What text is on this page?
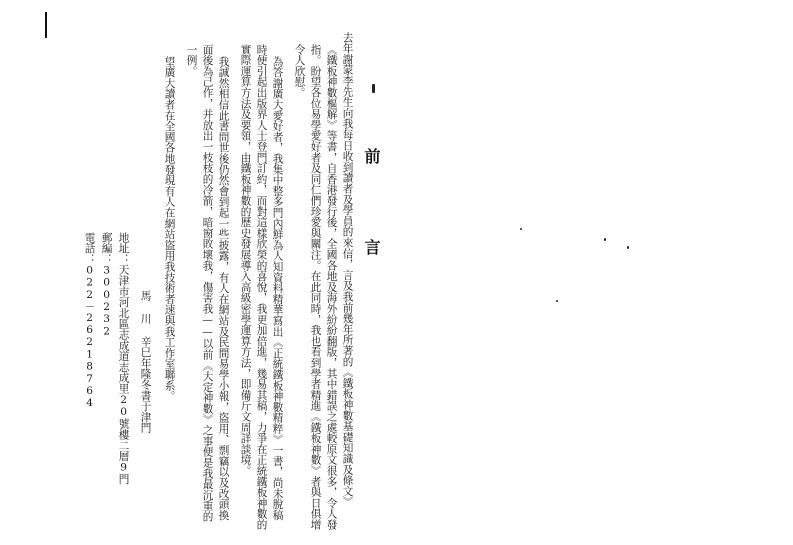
前 言
去年謝蒙李先生向我每日收到讀者及學員的來信，言及我前幾年所著的《鐵板神數基礎知識及條文》
《鐵板神數樞解》等書，自香港發行後，全國各地及海外紛紛翻版，其中錯誤之處較原文很多，令人發
指。盼望各位易學愛好者及同仁們珍愛與關注。在此同時，我也看到學者精進《鐵板神數》者與日俱增
令人欣慰。
為答謝廣大愛好者，我集中整多門內鮮為人知資料精華寫出《正統鐵板神數精粹》一書，尚未脫稿
時便引起出版界人士登門訂約，而對這樣欣榮的喜悅，我更加倍進，幾易其稿，力爭在正統鐵板神數的
實際運算方法及要領，由鐵板神數的歷史發展導入高級密學運算方法，即備斤文周詳談境。
我誠然相信此書問世後仍然會到起一些披露，有人在網站及民間易學小報，盜用、剽竊以及改頭換
面後為己作，并放出一枝枝的冷箭，暗窗敗壞我，傷害我——以前《大定神數》之事便是我最沉重的
一例。
望廣大讀者在全國各地發現有人在網站盜用我技術者速與我工作室聯系。
馬 川 辛巳年隆冬書于津門
地址：天津市河北區志成道志成里20號樓二層9門
郵編：300232
電話：022－26218764
